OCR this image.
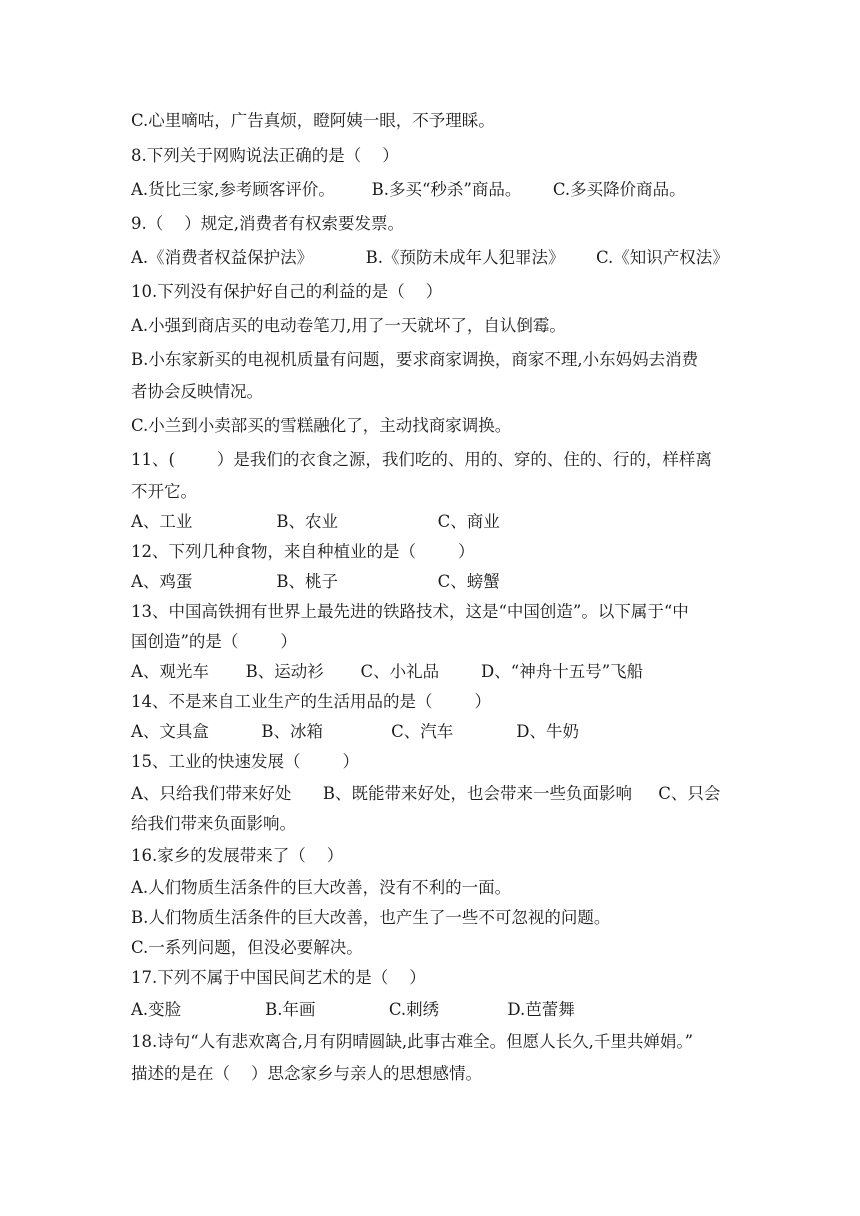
C.心里嘀咕，广告真烦，瞪阿姨一眼，不予理睬。
8.下列关于网购说法正确的是（    ）
A.货比三家,参考顾客评价。       B.多买“秒杀”商品。      C.多买降价商品。
9.（    ）规定,消费者有权索要发票。
A.《消费者权益保护法》          B.《预防未成年人犯罪法》      C.《知识产权法》
10.下列没有保护好自己的利益的是（    ）
A.小强到商店买的电动卷笔刀,用了一天就坏了，自认倒霉。
B.小东家新买的电视机质量有问题，要求商家调换，商家不理,小东妈妈去消费
者协会反映情况。
C.小兰到小卖部买的雪糕融化了，主动找商家调换。
11、(        ）是我们的衣食之源，我们吃的、用的、穿的、住的、行的，样样离
不开它。
A、工业                B、农业                   C、商业
12、下列几种食物，来自种植业的是（        ）
A、鸡蛋                B、桃子                   C、螃蟹
13、中国高铁拥有世界上最先进的铁路技术，这是“中国创造”。以下属于“中
国创造”的是（        ）
A、观光车       B、运动衫       C、小礼品        D、“神舟十五号”飞船
14、不是来自工业生产的生活用品的是（        ）
A、文具盒          B、冰箱             C、汽车            D、牛奶
15、工业的快速发展（        ）
A、只给我们带来好处      B、既能带来好处，也会带来一些负面影响     C、只会
给我们带来负面影响。
16.家乡的发展带来了（    ）
A.人们物质生活条件的巨大改善，没有不利的一面。
B.人们物质生活条件的巨大改善，也产生了一些不可忽视的问题。
C.一系列问题，但没必要解决。
17.下列不属于中国民间艺术的是（    ）
A.变脸                B.年画              C.刺绣             D.芭蕾舞
18.诗句“人有悲欢离合,月有阴晴圆缺,此事古难全。但愿人长久,千里共婵娟。”
描述的是在（    ）思念家乡与亲人的思想感情。
